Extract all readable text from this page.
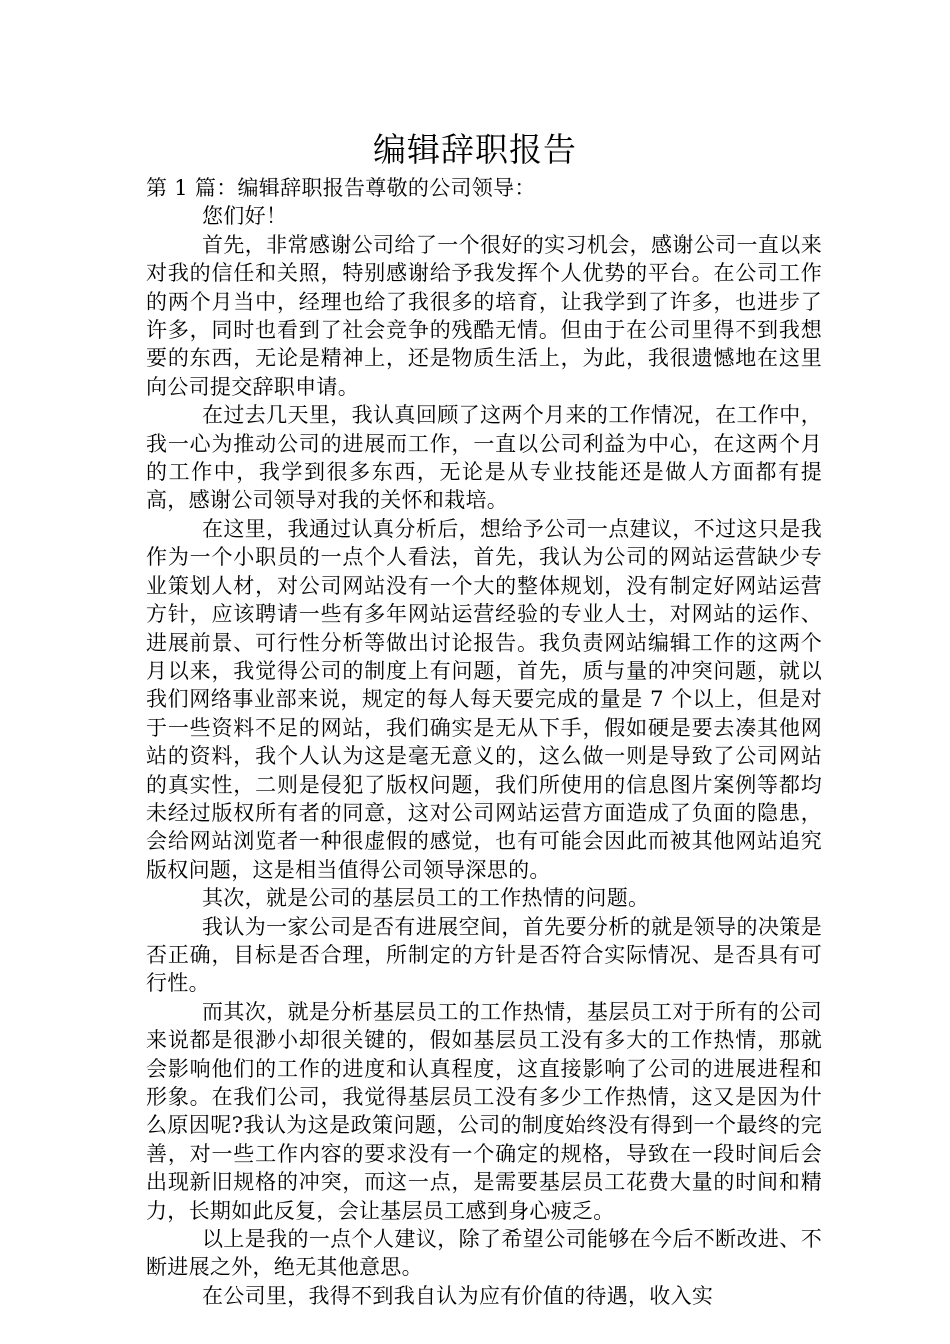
编辑辞职报告

第 1 篇：编辑辞职报告尊敬的公司领导：

您们好！

首先，非常感谢公司给了一个很好的实习机会，感谢公司一直以来对我的信任和关照，特别感谢给予我发挥个人优势的平台。在公司工作的两个月当中，经理也给了我很多的培育，让我学到了许多，也进步了许多，同时也看到了社会竞争的残酷无情。但由于在公司里得不到我想要的东西，无论是精神上，还是物质生活上，为此，我很遗憾地在这里向公司提交辞职申请。

在过去几天里，我认真回顾了这两个月来的工作情况，在工作中，我一心为推动公司的进展而工作，一直以公司利益为中心，在这两个月的工作中，我学到很多东西，无论是从专业技能还是做人方面都有提高，感谢公司领导对我的关怀和栽培。

在这里，我通过认真分析后，想给予公司一点建议，不过这只是我作为一个小职员的一点个人看法，首先，我认为公司的网站运营缺少专业策划人材，对公司网站没有一个大的整体规划，没有制定好网站运营方针，应该聘请一些有多年网站运营经验的专业人士，对网站的运作、进展前景、可行性分析等做出讨论报告。我负责网站编辑工作的这两个月以来，我觉得公司的制度上有问题，首先，质与量的冲突问题，就以我们网络事业部来说，规定的每人每天要完成的量是 7 个以上，但是对于一些资料不足的网站，我们确实是无从下手，假如硬是要去凑其他网站的资料，我个人认为这是毫无意义的，这么做一则是导致了公司网站的真实性，二则是侵犯了版权问题，我们所使用的信息图片案例等都均未经过版权所有者的同意，这对公司网站运营方面造成了负面的隐患，会给网站浏览者一种很虚假的感觉，也有可能会因此而被其他网站追究版权问题，这是相当值得公司领导深思的。

其次，就是公司的基层员工的工作热情的问题。

我认为一家公司是否有进展空间，首先要分析的就是领导的决策是否正确，目标是否合理，所制定的方针是否符合实际情况、是否具有可行性。

而其次，就是分析基层员工的工作热情，基层员工对于所有的公司来说都是很渺小却很关键的，假如基层员工没有多大的工作热情，那就会影响他们的工作的进度和认真程度，这直接影响了公司的进展进程和形象。在我们公司，我觉得基层员工没有多少工作热情，这又是因为什么原因呢?我认为这是政策问题，公司的制度始终没有得到一个最终的完善，对一些工作内容的要求没有一个确定的规格，导致在一段时间后会出现新旧规格的冲突，而这一点，是需要基层员工花费大量的时间和精力，长期如此反复，会让基层员工感到身心疲乏。

以上是我的一点个人建议，除了希望公司能够在今后不断改进、不断进展之外，绝无其他意思。

在公司里，我得不到我自认为应有价值的待遇，收入实
